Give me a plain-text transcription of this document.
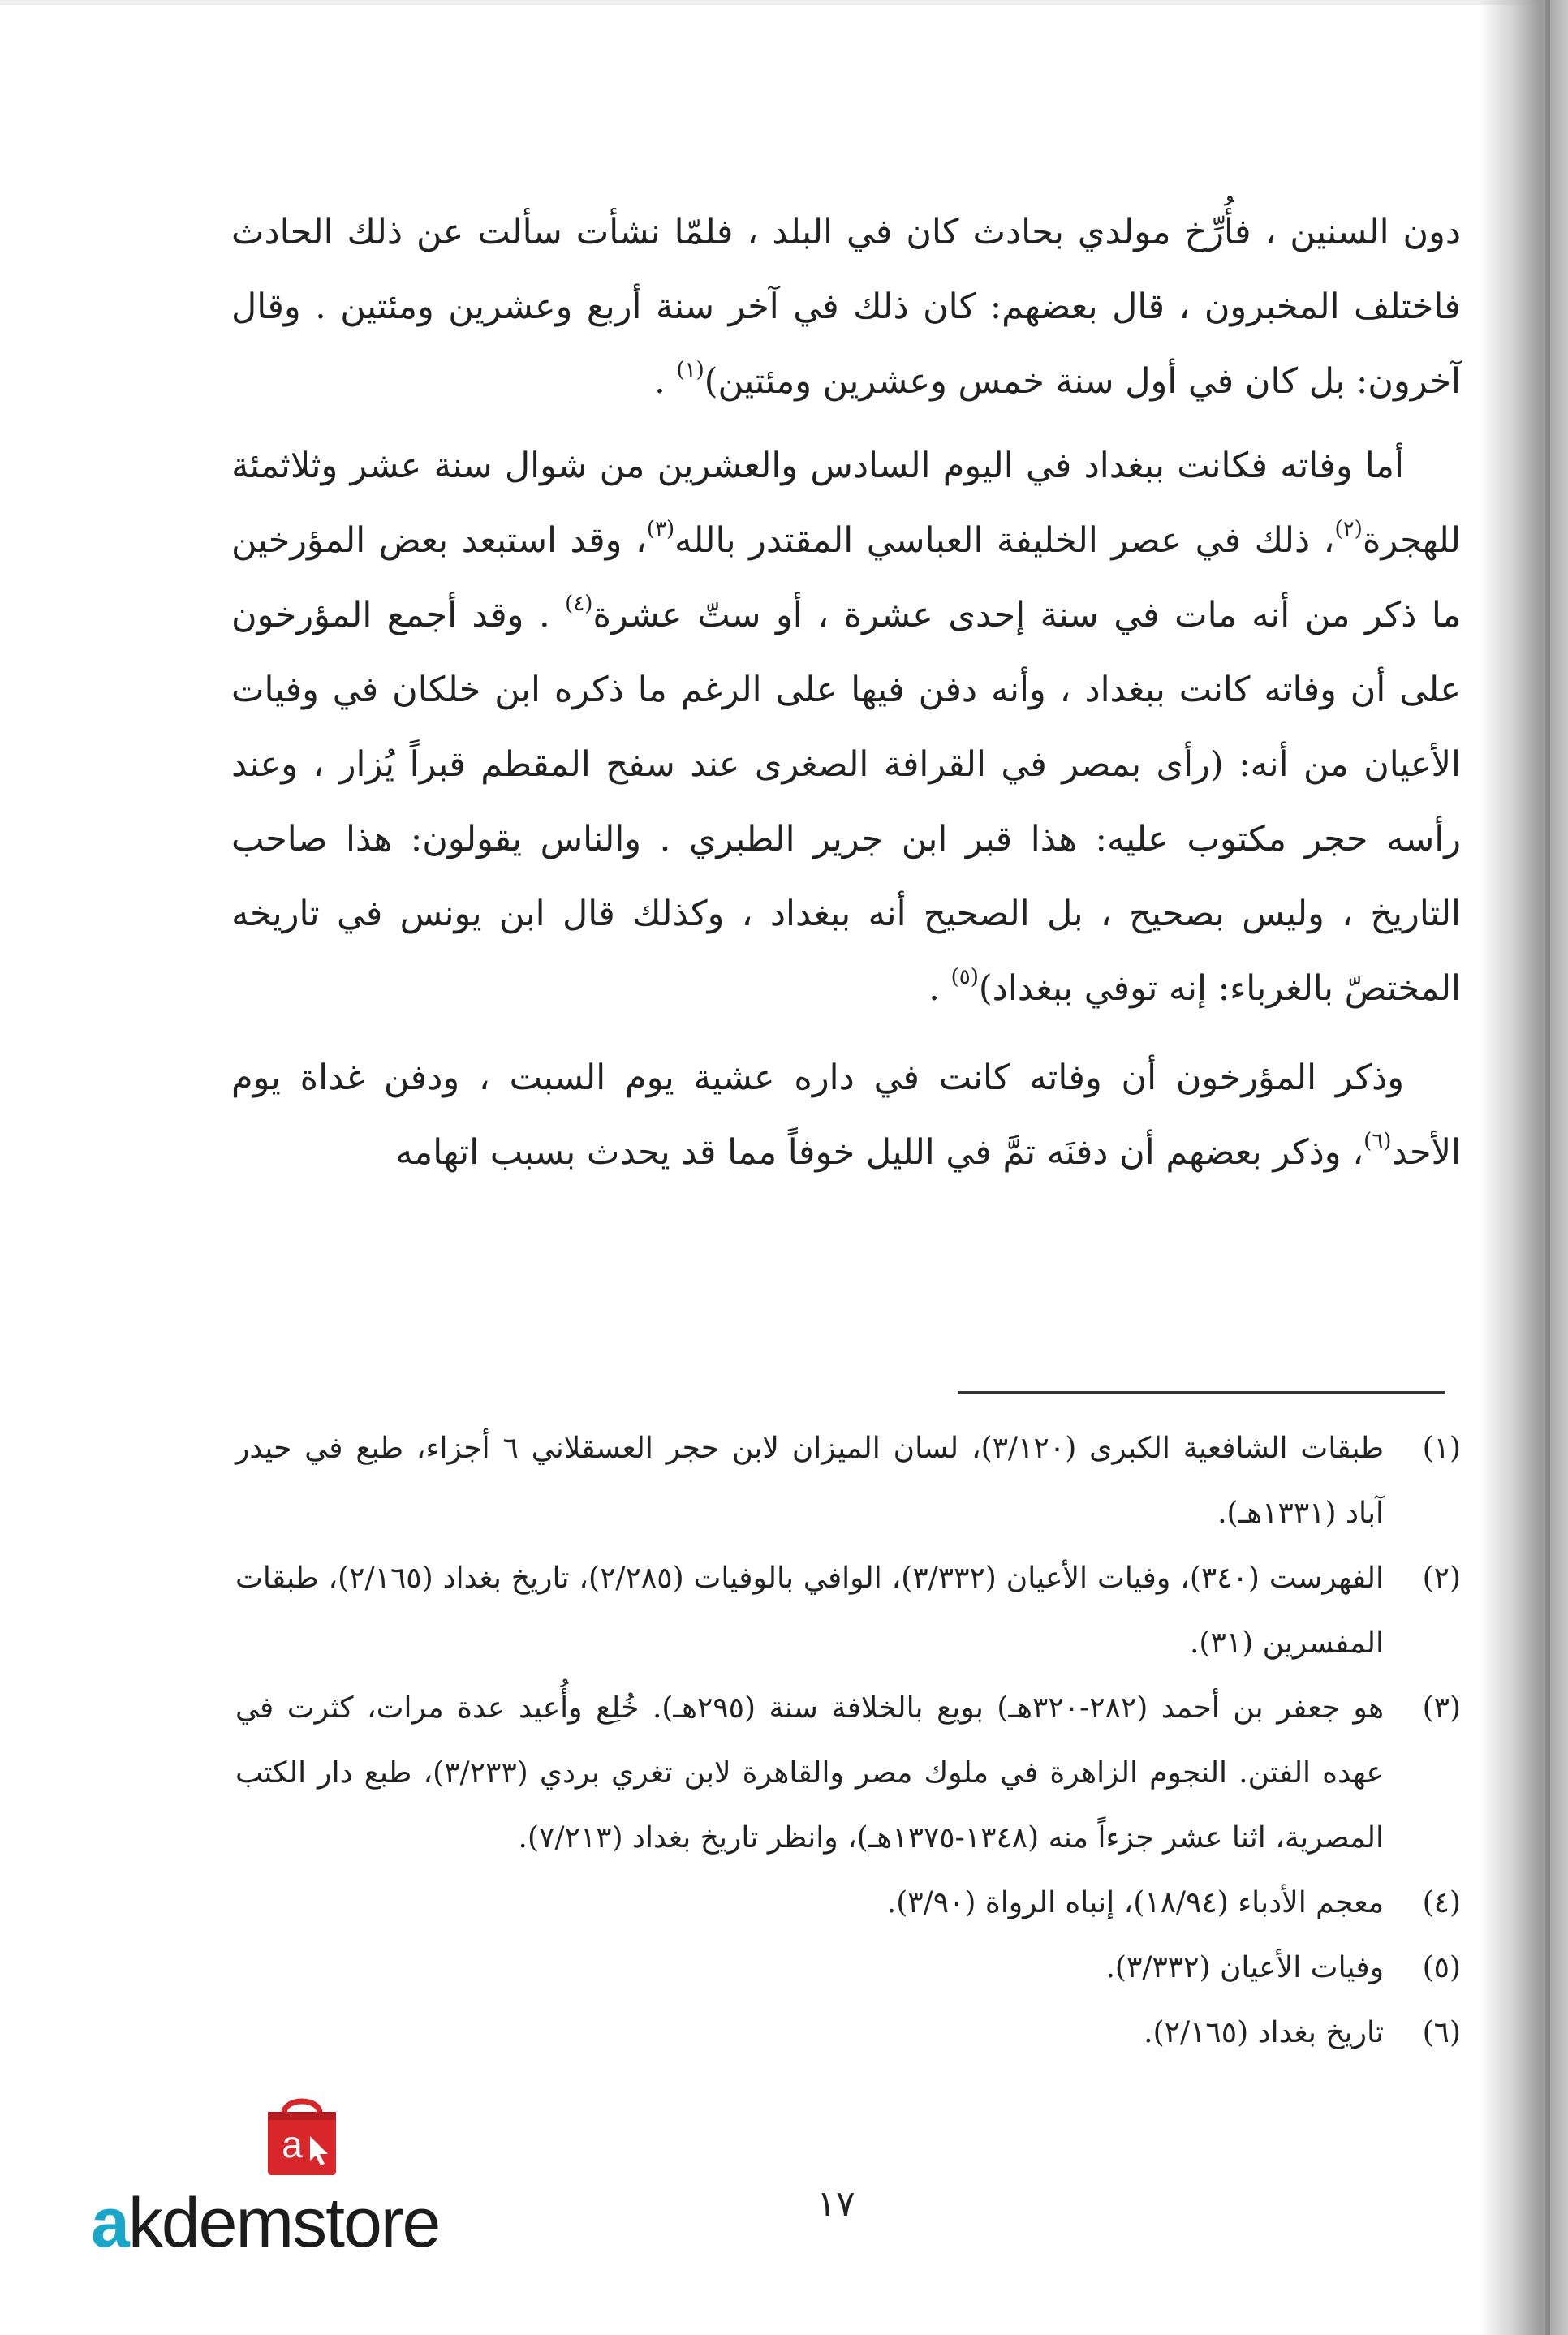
دون السنين ، فأُرِّخ مولدي بحادث كان في البلد ، فلمّا نشأت سألت عن ذلك الحادث فاختلف المخبرون ، قال بعضهم: كان ذلك في آخر سنة أربع وعشرين ومئتين . وقال آخرون: بل كان في أول سنة خمس وعشرين ومئتين)$^{(١)}$ .

أما وفاته فكانت ببغداد في اليوم السادس والعشرين من شوال سنة عشر وثلاثمئة للهجرة$^{(٢)}$، ذلك في عصر الخليفة العباسي المقتدر بالله$^{(٣)}$، وقد استبعد بعض المؤرخين ما ذكر من أنه مات في سنة إحدى عشرة ، أو ستّ عشرة$^{(٤)}$ . وقد أجمع المؤرخون على أن وفاته كانت ببغداد ، وأنه دفن فيها على الرغم ما ذكره ابن خلكان في وفيات الأعيان من أنه: (رأى بمصر في القرافة الصغرى عند سفح المقطم قبراً يُزار ، وعند رأسه حجر مكتوب عليه: هذا قبر ابن جرير الطبري . والناس يقولون: هذا صاحب التاريخ ، وليس بصحيح ، بل الصحيح أنه ببغداد ، وكذلك قال ابن يونس في تاريخه المختصّ بالغرباء: إنه توفي ببغداد)$^{(٥)}$ .

وذكر المؤرخون أن وفاته كانت في داره عشية يوم السبت ، ودفن غداة يوم الأحد$^{(٦)}$، وذكر بعضهم أن دفنَه تمَّ في الليل خوفاً مما قد يحدث بسبب اتهامه

(١)
طبقات الشافعية الكبرى (٣/١٢٠)، لسان الميزان لابن حجر العسقلاني ٦ أجزاء، طبع في حيدر آباد (١٣٣١هـ).
(٢)
الفهرست (٣٤٠)، وفيات الأعيان (٣/٣٣٢)، الوافي بالوفيات (٢/٢٨٥)، تاريخ بغداد (٢/١٦٥)، طبقات المفسرين (٣١).
(٣)
هو جعفر بن أحمد (٢٨٢-٣٢٠هـ) بويع بالخلافة سنة (٢٩٥هـ). خُلِع وأُعيد عدة مرات، كثرت في عهده الفتن. النجوم الزاهرة في ملوك مصر والقاهرة لابن تغري بردي (٣/٢٣٣)، طبع دار الكتب المصرية، اثنا عشر جزءاً منه (١٣٤٨-١٣٧٥هـ)، وانظر تاريخ بغداد (٧/٢١٣).
(٤)
معجم الأدباء (١٨/٩٤)، إنباه الرواة (٣/٩٠).
(٥)
وفيات الأعيان (٣/٣٣٢).
(٦)
تاريخ بغداد (٢/١٦٥).
١٧
a
akdemstore
